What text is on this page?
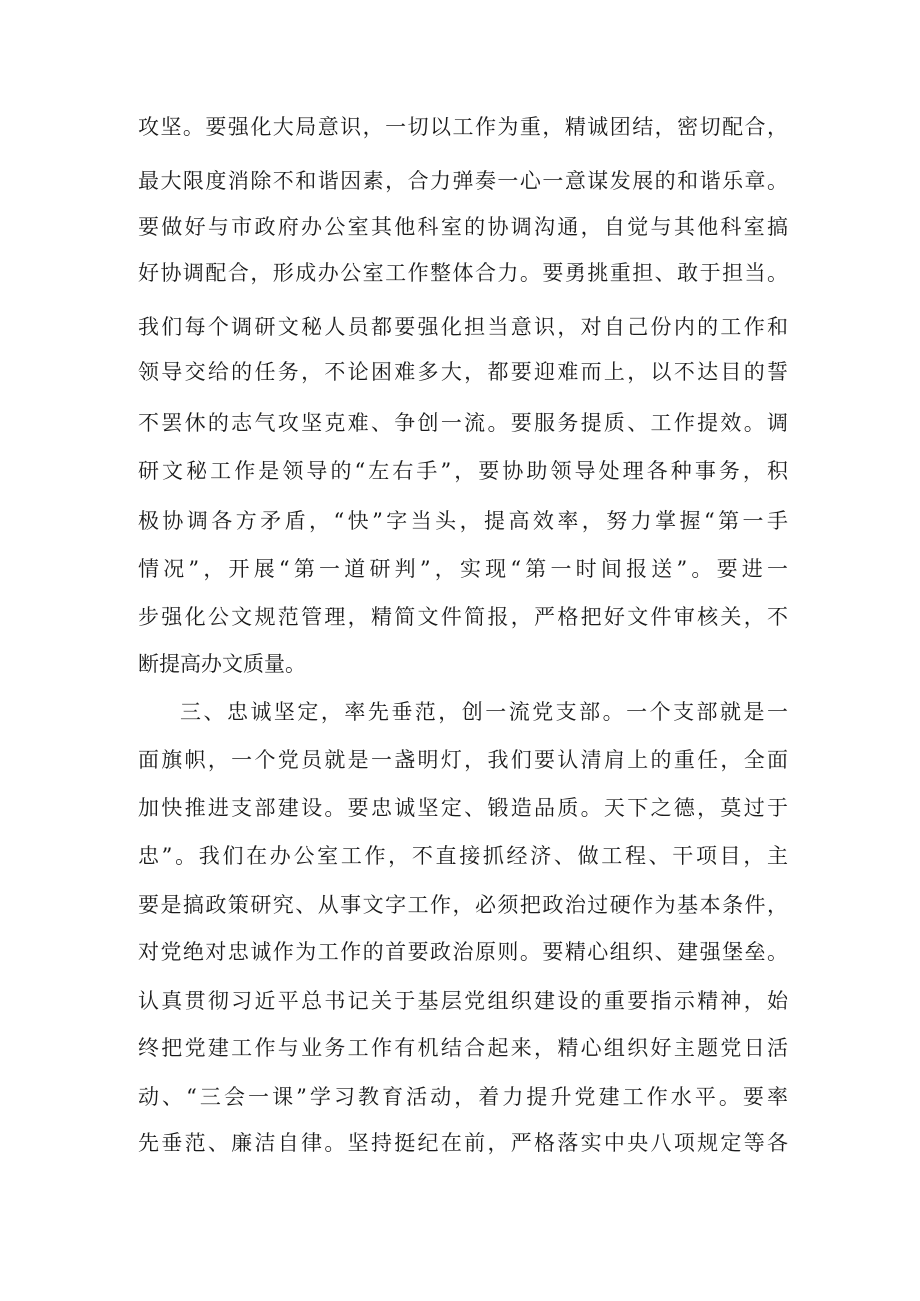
攻坚。要强化大局意识，一切以工作为重，精诚团结，密切配合，
最大限度消除不和谐因素，合力弹奏一心一意谋发展的和谐乐章。
要做好与市政府办公室其他科室的协调沟通，自觉与其他科室搞
好协调配合，形成办公室工作整体合力。要勇挑重担、敢于担当。
我们每个调研文秘人员都要强化担当意识，对自己份内的工作和
领导交给的任务，不论困难多大，都要迎难而上，以不达目的誓
不罢休的志气攻坚克难、争创一流。要服务提质、工作提效。调
研文秘工作是领导的“左右手”，要协助领导处理各种事务，积
极协调各方矛盾，“快”字当头，提高效率，努力掌握“第一手
情况”，开展“第一道研判”，实现“第一时间报送”。要进一
步强化公文规范管理，精简文件简报，严格把好文件审核关，不
断提高办文质量。
三、忠诚坚定，率先垂范，创一流党支部。一个支部就是一
面旗帜，一个党员就是一盏明灯，我们要认清肩上的重任，全面
加快推进支部建设。要忠诚坚定、锻造品质。天下之德，莫过于
忠”。我们在办公室工作，不直接抓经济、做工程、干项目，主
要是搞政策研究、从事文字工作，必须把政治过硬作为基本条件，
对党绝对忠诚作为工作的首要政治原则。要精心组织、建强堡垒。
认真贯彻习近平总书记关于基层党组织建设的重要指示精神，始
终把党建工作与业务工作有机结合起来，精心组织好主题党日活
动、“三会一课”学习教育活动，着力提升党建工作水平。要率
先垂范、廉洁自律。坚持挺纪在前，严格落实中央八项规定等各
